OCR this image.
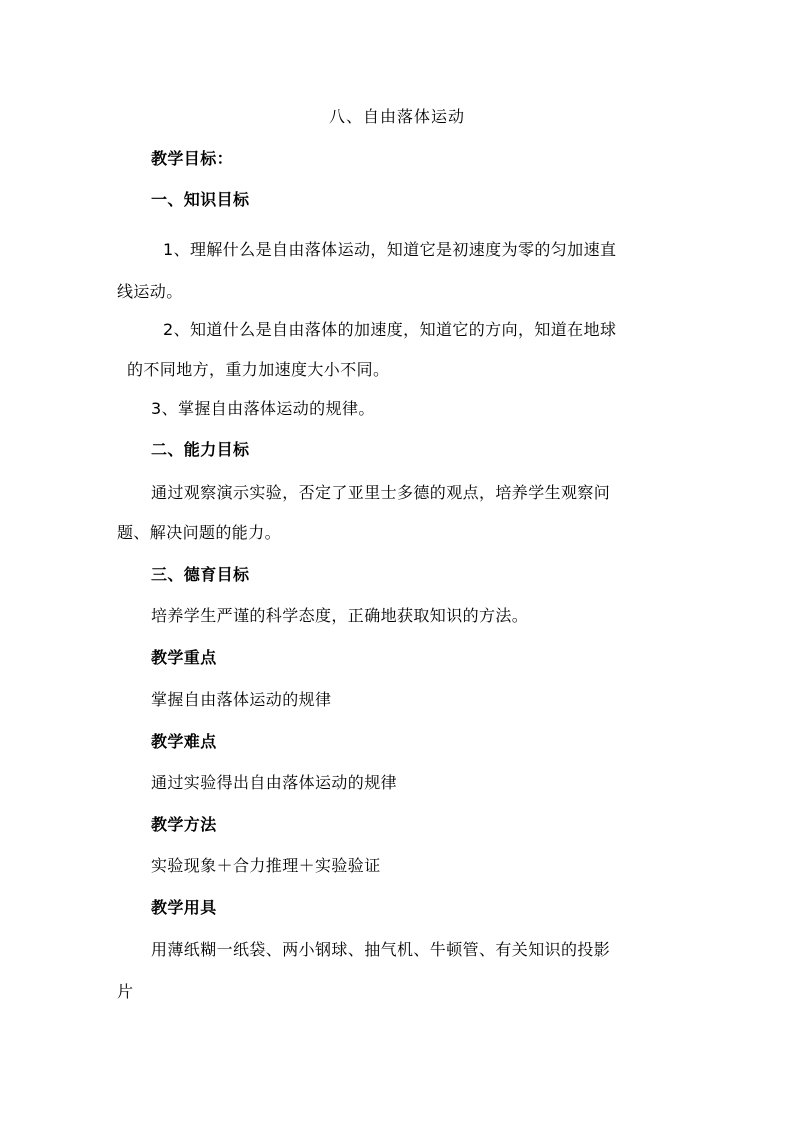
八、自由落体运动
教学目标：
一、知识目标
1、理解什么是自由落体运动，知道它是初速度为零的匀加速直
线运动。
2、知道什么是自由落体的加速度，知道它的方向，知道在地球
的不同地方，重力加速度大小不同。
3、掌握自由落体运动的规律。
二、能力目标
通过观察演示实验，否定了亚里士多德的观点，培养学生观察问
题、解决问题的能力。
三、德育目标
培养学生严谨的科学态度，正确地获取知识的方法。
教学重点
掌握自由落体运动的规律
教学难点
通过实验得出自由落体运动的规律
教学方法
实验现象＋合力推理＋实验验证
教学用具
用薄纸糊一纸袋、两小钢球、抽气机、牛顿管、有关知识的投影
片
